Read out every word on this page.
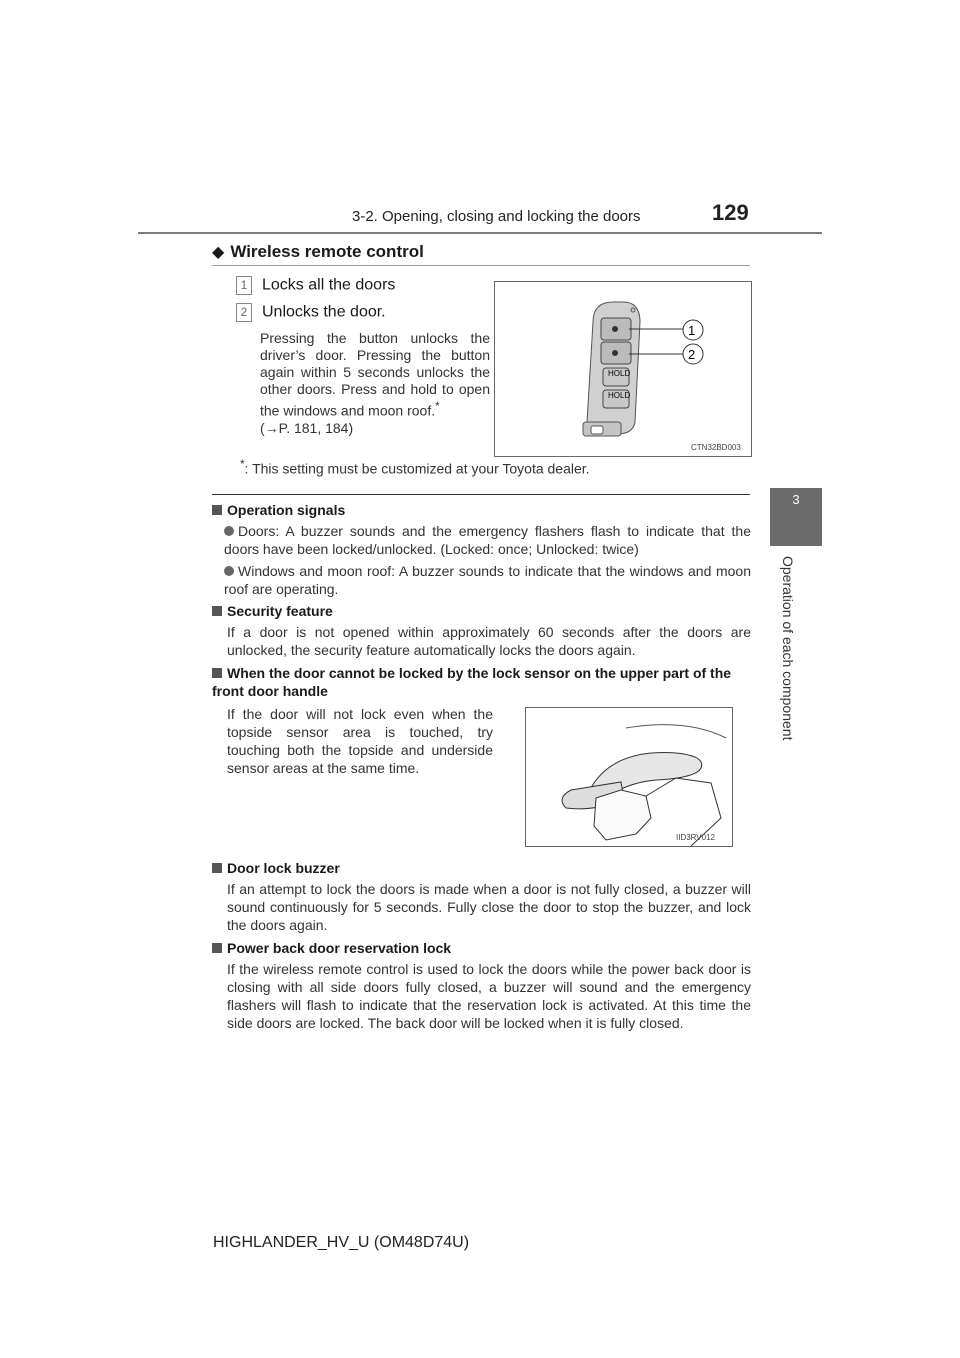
3-2. Opening, closing and locking the doors	129
3
Operation of each component
◆ Wireless remote control
1 Locks all the doors
2 Unlocks the door.
Pressing the button unlocks the driver’s door. Pressing the button again within 5 seconds unlocks the other doors. Press and hold to open the windows and moon roof.*
(→P. 181, 184)
*: This setting must be customized at your Toyota dealer.
HOLD
HOLD
1
2
CTN32BD003
Operation signals
Doors: A buzzer sounds and the emergency flashers flash to indicate that the doors have been locked/unlocked. (Locked: once; Unlocked: twice)
Windows and moon roof: A buzzer sounds to indicate that the windows and moon roof are operating.
Security feature
If a door is not opened within approximately 60 seconds after the doors are unlocked, the security feature automatically locks the doors again.
When the door cannot be locked by the lock sensor on the upper part of the front door handle
If the door will not lock even when the topside sensor area is touched, try touching both the topside and underside sensor areas at the same time.
IID3RV012
Door lock buzzer
If an attempt to lock the doors is made when a door is not fully closed, a buzzer will sound continuously for 5 seconds. Fully close the door to stop the buzzer, and lock the doors again.
Power back door reservation lock
If the wireless remote control is used to lock the doors while the power back door is closing with all side doors fully closed, a buzzer will sound and the emergency flashers will flash to indicate that the reservation lock is activated. At this time the side doors are locked. The back door will be locked when it is fully closed.
HIGHLANDER_HV_U (OM48D74U)
